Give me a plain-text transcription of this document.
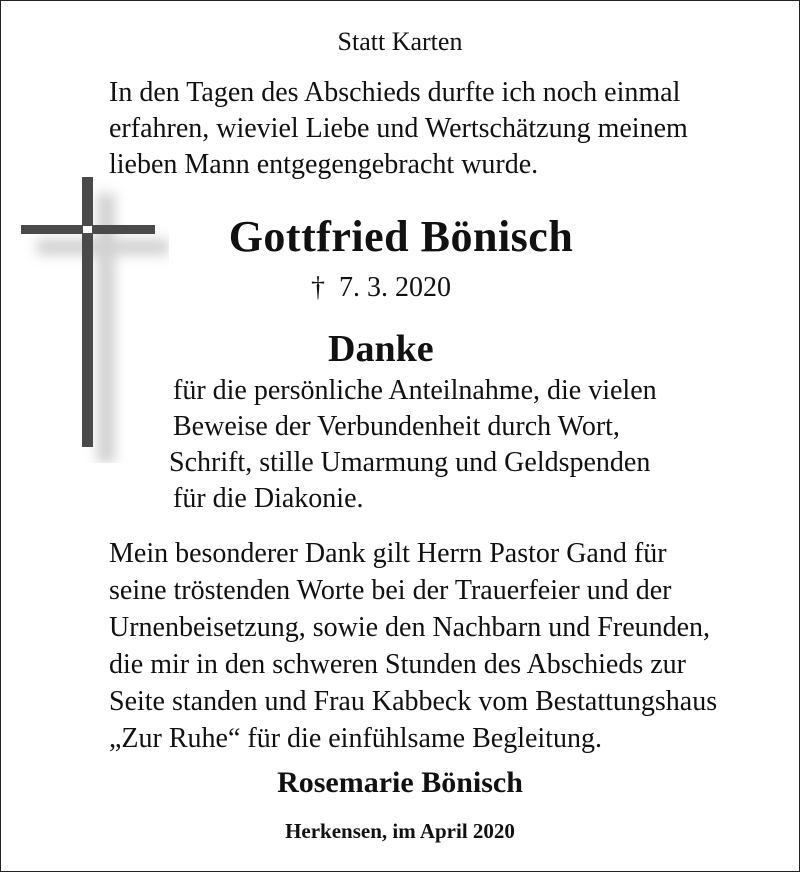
Statt Karten
In den Tagen des Abschieds durfte ich noch einmal
erfahren, wieviel Liebe und Wertschätzung meinem
lieben Mann entgegengebracht wurde.
Gottfried Bönisch
† 7. 3. 2020
Danke
für die persönliche Anteilnahme, die vielen
Beweise der Verbundenheit durch Wort,
Schrift, stille Umarmung und Geldspenden
für die Diakonie.
Mein besonderer Dank gilt Herrn Pastor Gand für
seine tröstenden Worte bei der Trauerfeier und der
Urnenbeisetzung, sowie den Nachbarn und Freunden,
die mir in den schweren Stunden des Abschieds zur
Seite standen und Frau Kabbeck vom Bestattungshaus
„Zur Ruhe“ für die einfühlsame Begleitung.
Rosemarie Bönisch
Herkensen, im April 2020
